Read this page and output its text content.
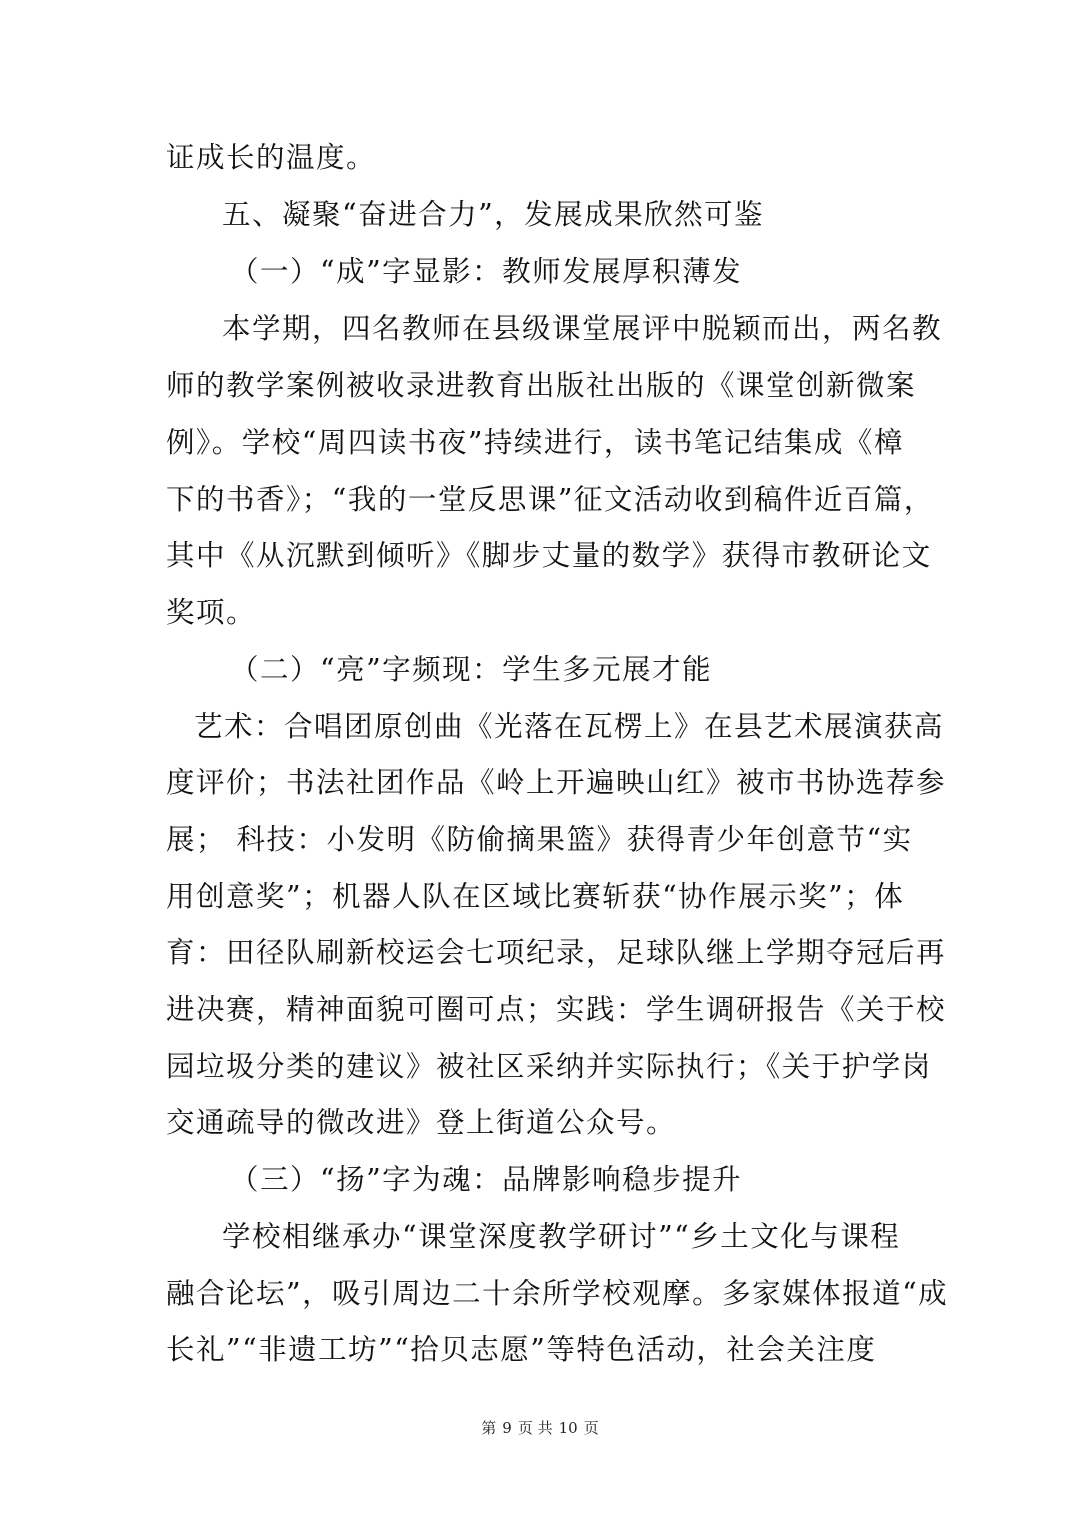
证成长的温度。
五、凝聚“奋进合力”，发展成果欣然可鉴
（一）“成”字显影：教师发展厚积薄发
本学期，四名教师在县级课堂展评中脱颖而出，两名教
师的教学案例被收录进教育出版社出版的《课堂创新微案
例》。学校“周四读书夜”持续进行，读书笔记结集成《樟
下的书香》；“我的一堂反思课”征文活动收到稿件近百篇，
其中《从沉默到倾听》《脚步丈量的数学》获得市教研论文
奖项。
（二）“亮”字频现：学生多元展才能
艺术：合唱团原创曲《光落在瓦楞上》在县艺术展演获高
度评价；书法社团作品《岭上开遍映山红》被市书协选荐参
展； 科技：小发明《防偷摘果篮》获得青少年创意节“实
用创意奖”；机器人队在区域比赛斩获“协作展示奖”；体
育：田径队刷新校运会七项纪录，足球队继上学期夺冠后再
进决赛，精神面貌可圈可点；实践：学生调研报告《关于校
园垃圾分类的建议》被社区采纳并实际执行；《关于护学岗
交通疏导的微改进》登上街道公众号。
（三）“扬”字为魂：品牌影响稳步提升
学校相继承办“课堂深度教学研讨”“乡土文化与课程
融合论坛”，吸引周边二十余所学校观摩。多家媒体报道“成
长礼”“非遗工坊”“拾贝志愿”等特色活动，社会关注度
第 9 页 共 10 页
